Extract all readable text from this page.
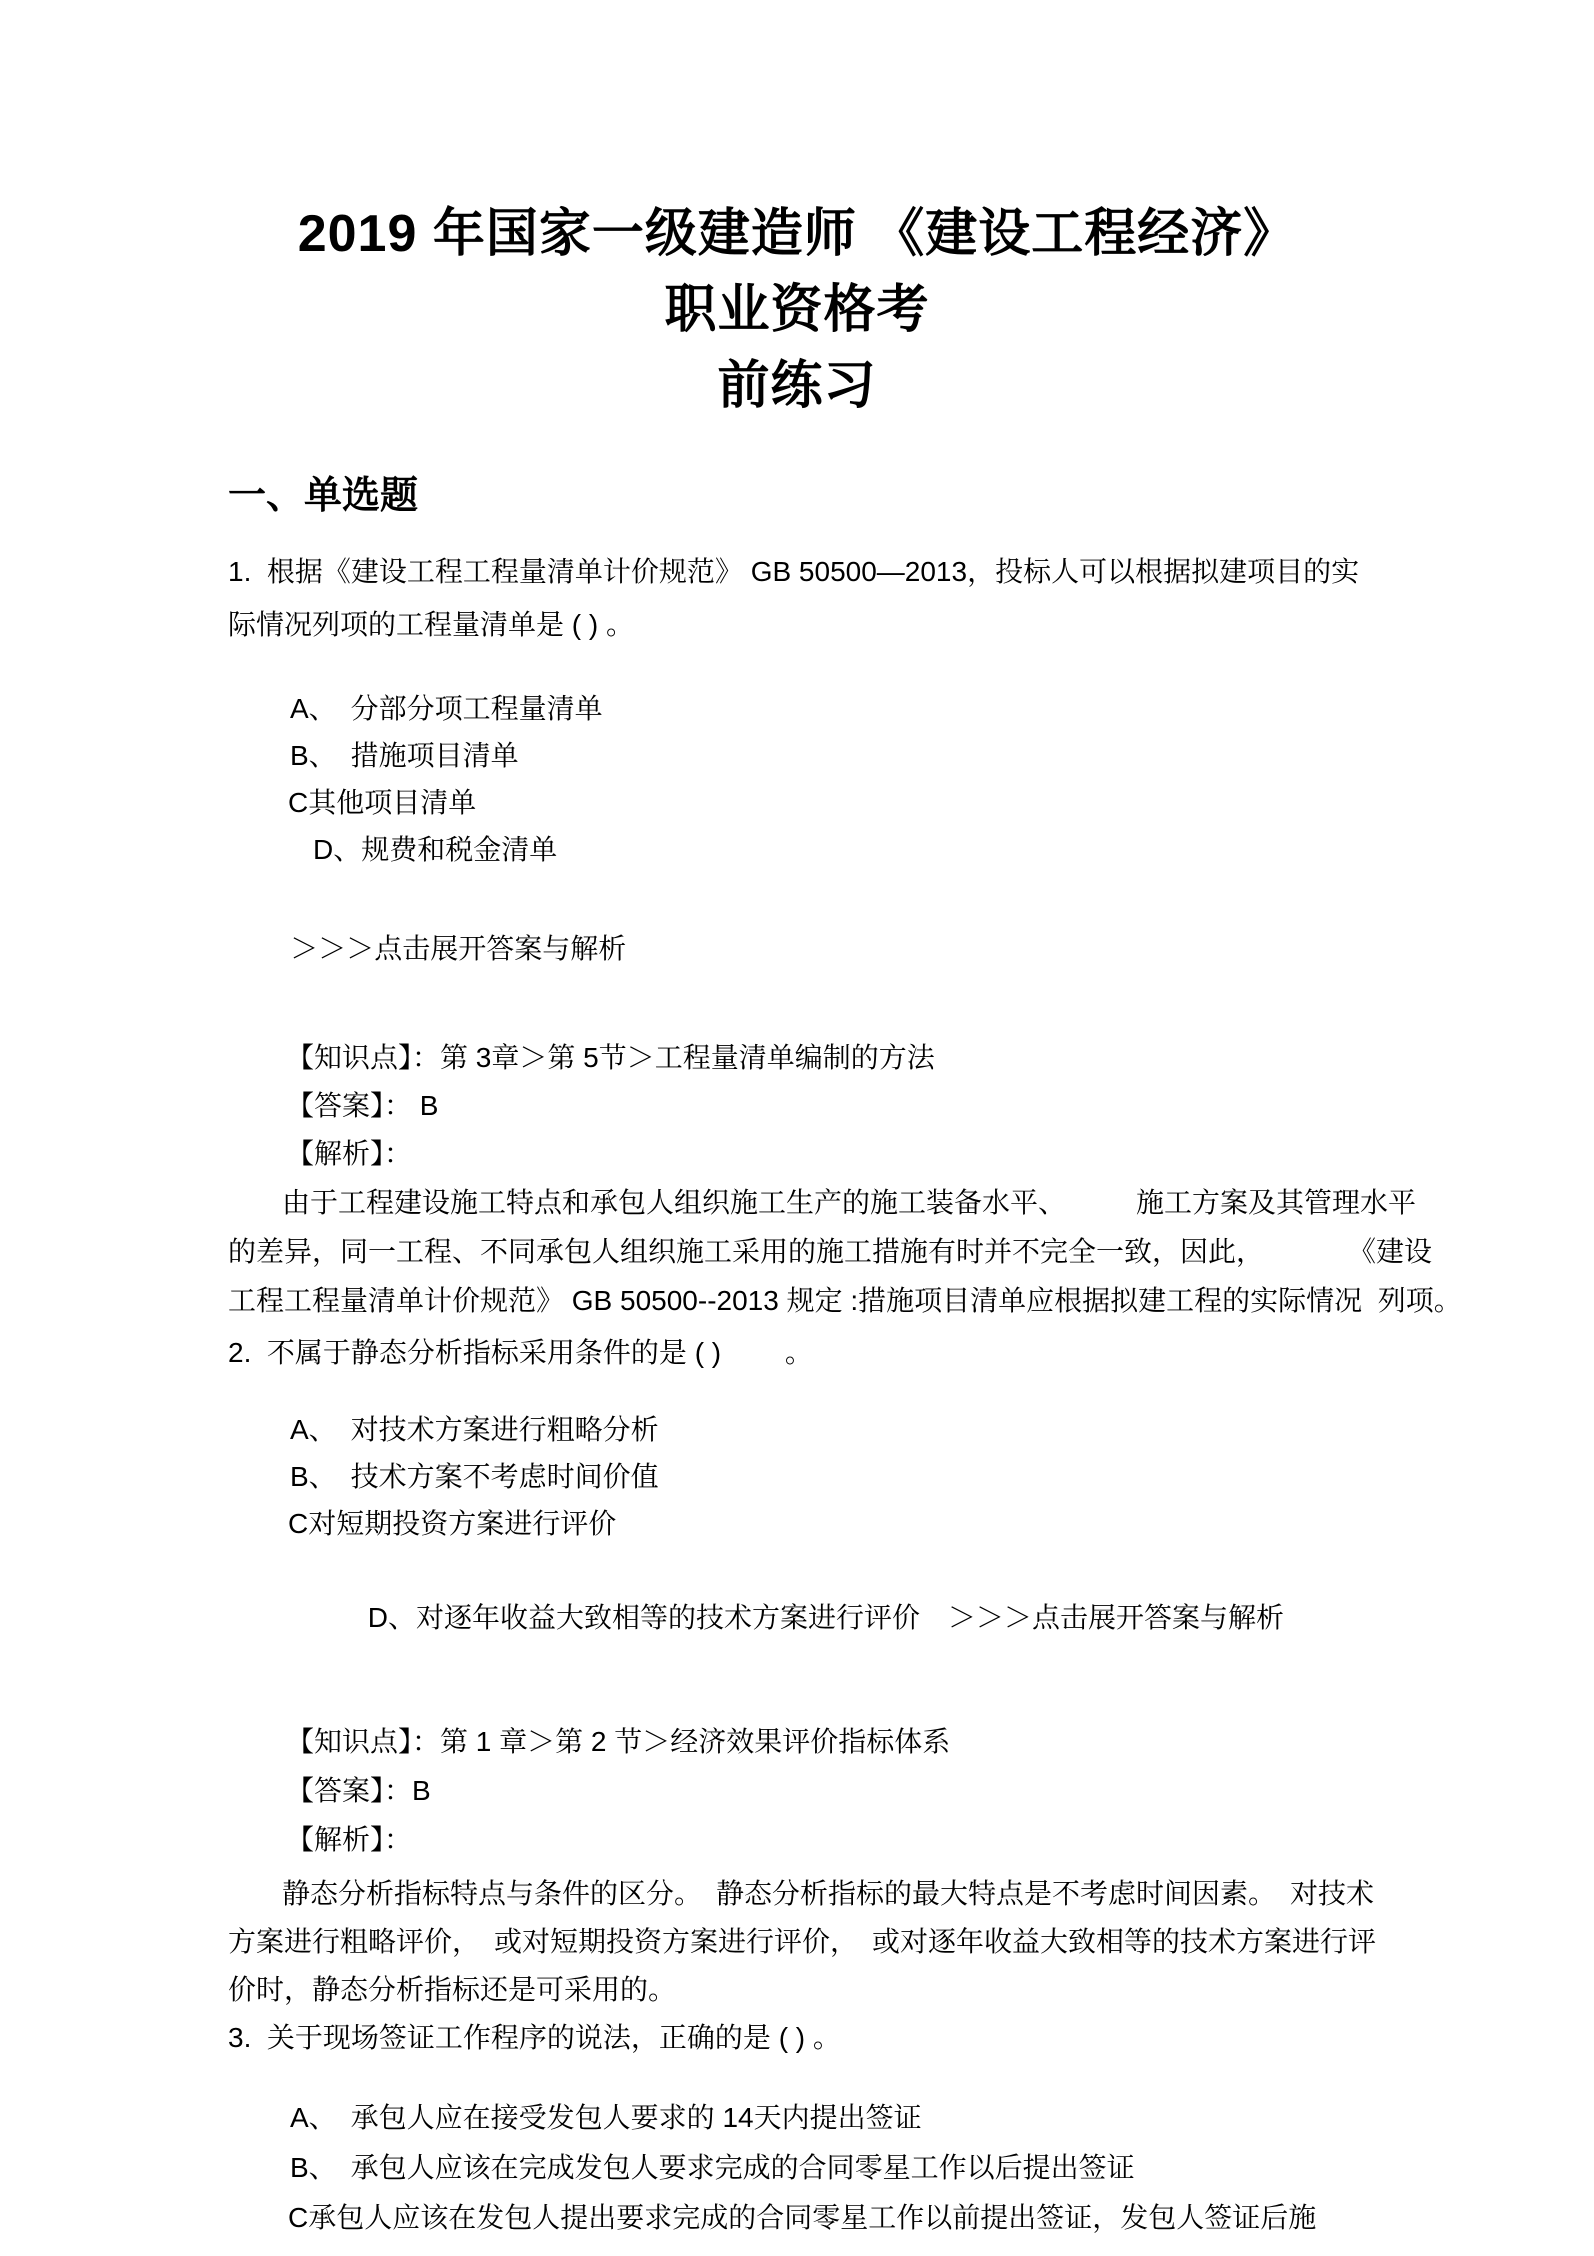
2019 年国家一级建造师 《建设工程经济》
职业资格考
前练习
一、单选题
1.  根据《建设工程工程量清单计价规范》 GB 50500—2013，投标人可以根据拟建项目的实
际情况列项的工程量清单是 ( ) 。
A、　分部分项工程量清单
B、　措施项目清单
C其他项目清单
D、规费和税金清单

＞＞＞点击展开答案与解析

【知识点】：第 3章＞第 5节＞工程量清单编制的方法
【答案】： B
【解析】：
由于工程建设施工特点和承包人组织施工生产的施工装备水平、　　　施工方案及其管理水平
的差异，同一工程、不同承包人组织施工采用的施工措施有时并不完全一致，因此，　　　　《建设
工程工程量清单计价规范》 GB 50500--2013 规定 :措施项目清单应根据拟建工程的实际情况  列项。
2.  不属于静态分析指标采用条件的是 ( )　　 。
A、　对技术方案进行粗略分析
B、　技术方案不考虑时间价值
C对短期投资方案进行评价

D、对逐年收益大致相等的技术方案进行评价 ＞＞＞点击展开答案与解析

【知识点】：第 1 章＞第 2 节＞经济效果评价指标体系
【答案】：B
【解析】：
静态分析指标特点与条件的区分。　静态分析指标的最大特点是不考虑时间因素。　对技术
方案进行粗略评价，　或对短期投资方案进行评价，　或对逐年收益大致相等的技术方案进行评
价时，静态分析指标还是可采用的。
3.  关于现场签证工作程序的说法，正确的是 ( ) 。
A、　承包人应在接受发包人要求的 14天内提出签证
B、　承包人应该在完成发包人要求完成的合同零星工作以后提出签证
C承包人应该在发包人提出要求完成的合同零星工作以前提出签证，发包人签证后施
